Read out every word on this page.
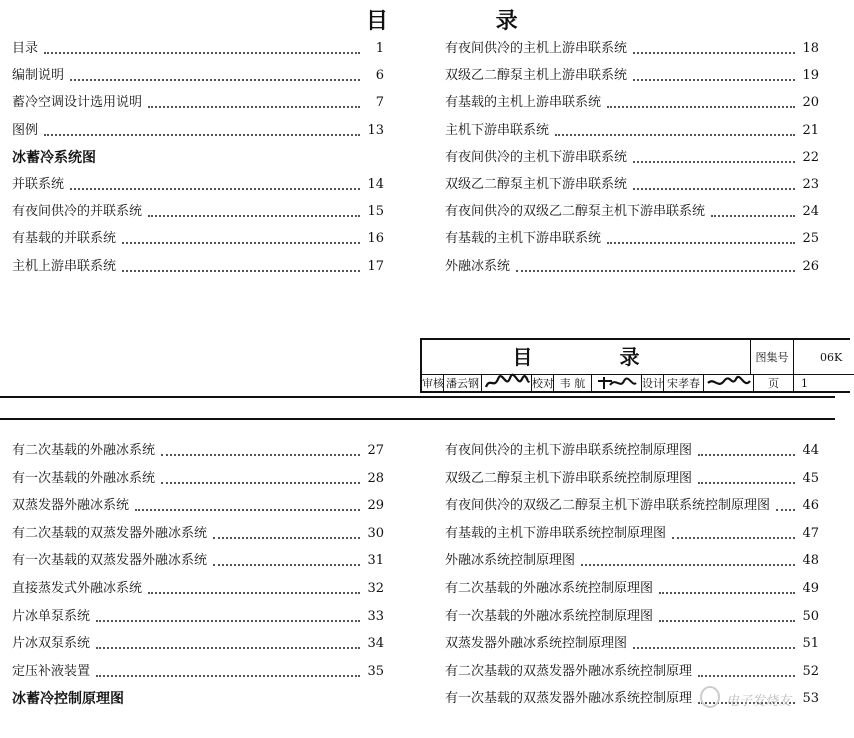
目 录
目录	1
编制说明	6
蓄冷空调设计选用说明	7
图例	13
冰蓄冷系统图
并联系统	14
有夜间供冷的并联系统	15
有基载的并联系统	16
主机上游串联系统	17
有夜间供冷的主机上游串联系统	18
双级乙二醇泵主机上游串联系统	19
有基载的主机上游串联系统	20
主机下游串联系统	21
有夜间供冷的主机下游串联系统	22
双级乙二醇泵主机下游串联系统	23
有夜间供冷的双级乙二醇泵主机下游串联系统	24
有基载的主机下游串联系统	25
外融冰系统	26
目 录	图集号	06K
审核 潘云钢	校对 韦 航	设计 宋孝春	页	1
有二次基载的外融冰系统	27
有一次基载的外融冰系统	28
双蒸发器外融冰系统	29
有二次基载的双蒸发器外融冰系统	30
有一次基载的双蒸发器外融冰系统	31
直接蒸发式外融冰系统	32
片冰单泵系统	33
片冰双泵系统	34
定压补液装置	35
冰蓄冷控制原理图
有夜间供冷的主机下游串联系统控制原理图	44
双级乙二醇泵主机下游串联系统控制原理图	45
有夜间供冷的双级乙二醇泵主机下游串联系统控制原理图 46
有基载的主机下游串联系统控制原理图	47
外融冰系统控制原理图	48
有二次基载的外融冰系统控制原理图	49
有一次基载的外融冰系统控制原理图	50
双蒸发器外融冰系统控制原理图	51
有二次基载的双蒸发器外融冰系统控制原理	52
有一次基载的双蒸发器外融冰系统控制原理	53
电子发烧友
